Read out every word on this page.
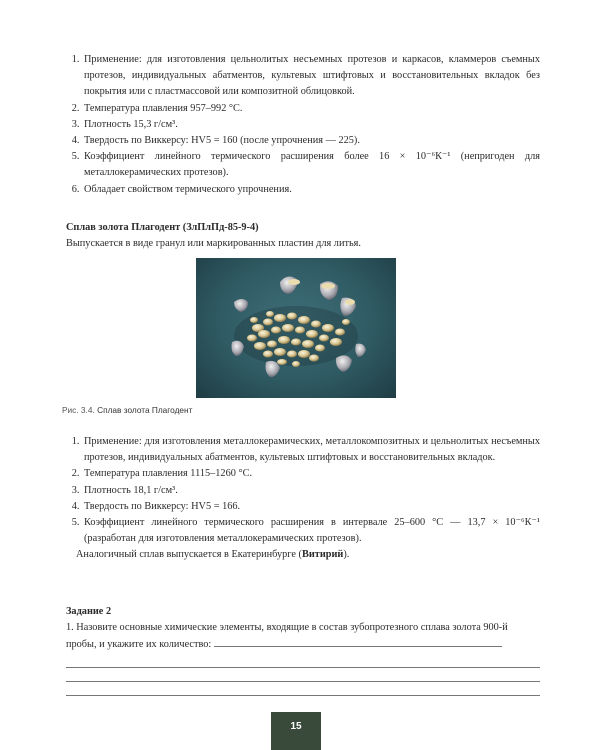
1. Применение: для изготовления цельнолитых несъемных протезов и каркасов, кламмеров съемных протезов, индивидуальных абатментов, культевых штифтовых и восстановительных вкладок без покрытия или с пластмассовой или композитной облицовкой.
2. Температура плавления 957–992 °С.
3. Плотность 15,3 г/см³.
4. Твердость по Виккерсу: HV5 = 160 (после упрочнения — 225).
5. Коэффициент линейного термического расширения более 16 × 10⁻⁶К⁻¹ (непригоден для металлокерамических протезов).
6. Обладает свойством термического упрочнения.

Сплав золота Плагодент (ЗлПлПд-85-9-4)

Выпускается в виде гранул или маркированных пластин для литья.

Рис. 3.4. Сплав золота Плагодент
1. Применение: для изготовления металлокерамических, металлокомпозитных и цельнолитых несъемных протезов, индивидуальных абатментов, культевых штифтовых и восстановительных вкладок.
2. Температура плавления 1115–1260 °С.
3. Плотность 18,1 г/см³.
4. Твердость по Виккерсу: HV5 = 166.
5. Коэффициент линейного термического расширения в интервале 25–600 °С — 13,7 × 10⁻⁶К⁻¹ (разработан для изготовления металлокерамических протезов).

Аналогичный сплав выпускается в Екатеринбурге (Витирий).

Задание 2

1. Назовите основные химические элементы, входящие в состав зубопротезного сплава золота 900-й пробы, и укажите их количество:

15
